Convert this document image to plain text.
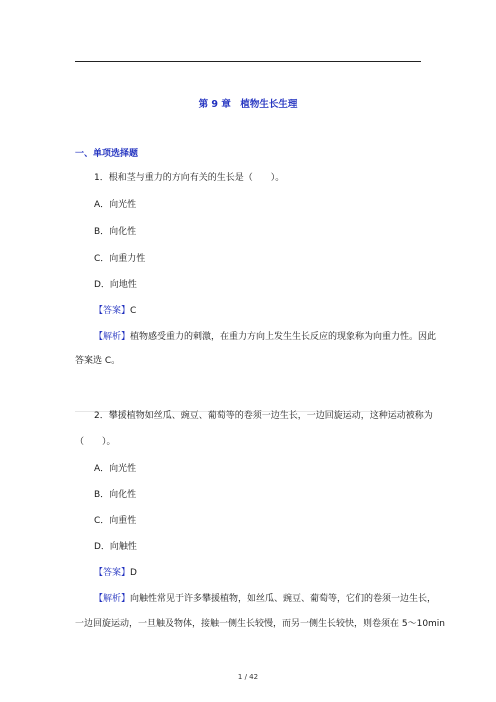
第 9 章　植物生长生理
一、单项选择题
1．根和茎与重力的方向有关的生长是（　　）。
A．向光性
B．向化性
C．向重力性
D．向地性
【答案】C
【解析】植物感受重力的刺激，在重力方向上发生生长反应的现象称为向重力性。因此
答案选 C。
2．攀援植物如丝瓜、豌豆、葡萄等的卷须一边生长，一边回旋运动，这种运动被称为
（　　）。
A．向光性
B．向化性
C．向重性
D．向触性
【答案】D
【解析】向触性常见于许多攀援植物，如丝瓜、豌豆、葡萄等，它们的卷须一边生长，
一边回旋运动，一旦触及物体，接触一侧生长较慢，而另一侧生长较快，则卷须在 5～10min
1 / 42
